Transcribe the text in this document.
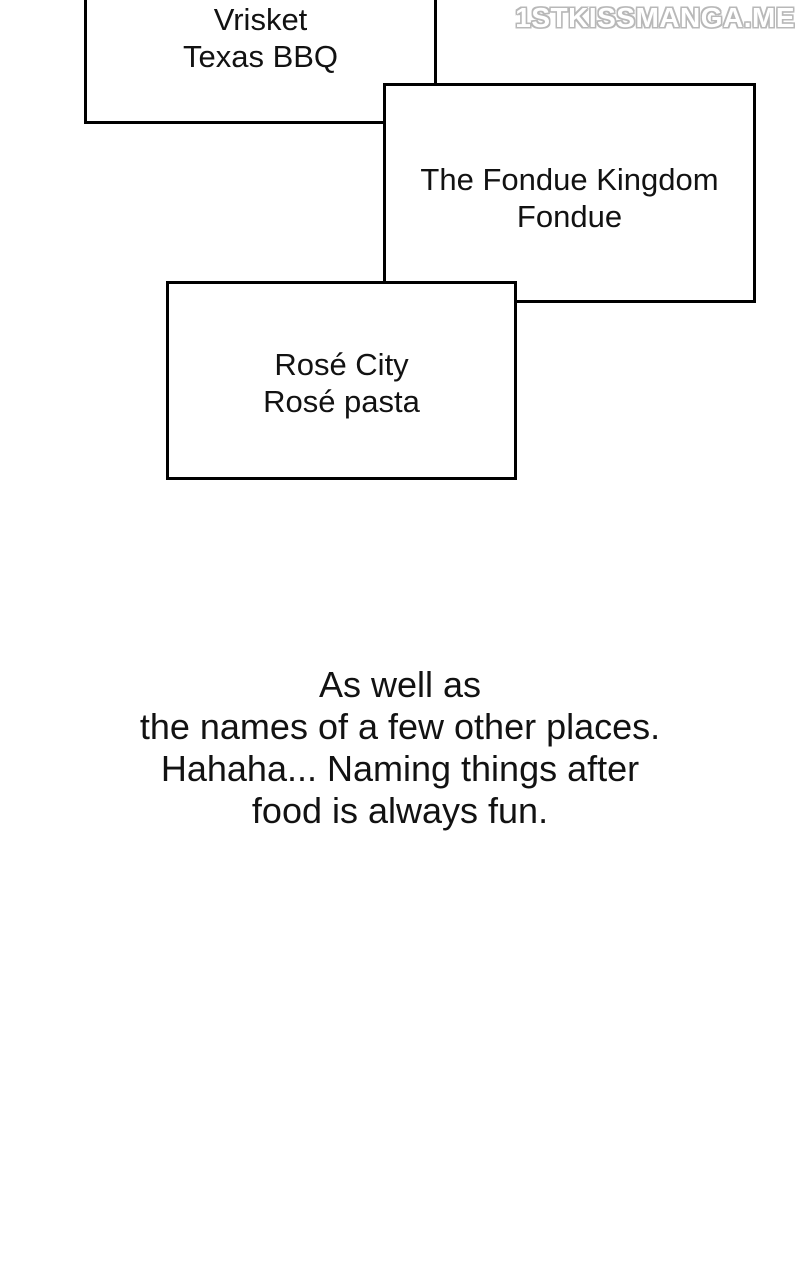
1STKISSMANGA.ME
Vrisket
Texas BBQ
The Fondue Kingdom
Fondue
Rosé City
Rosé pasta
As well as
the names of a few other places.
Hahaha... Naming things after
food is always fun.
